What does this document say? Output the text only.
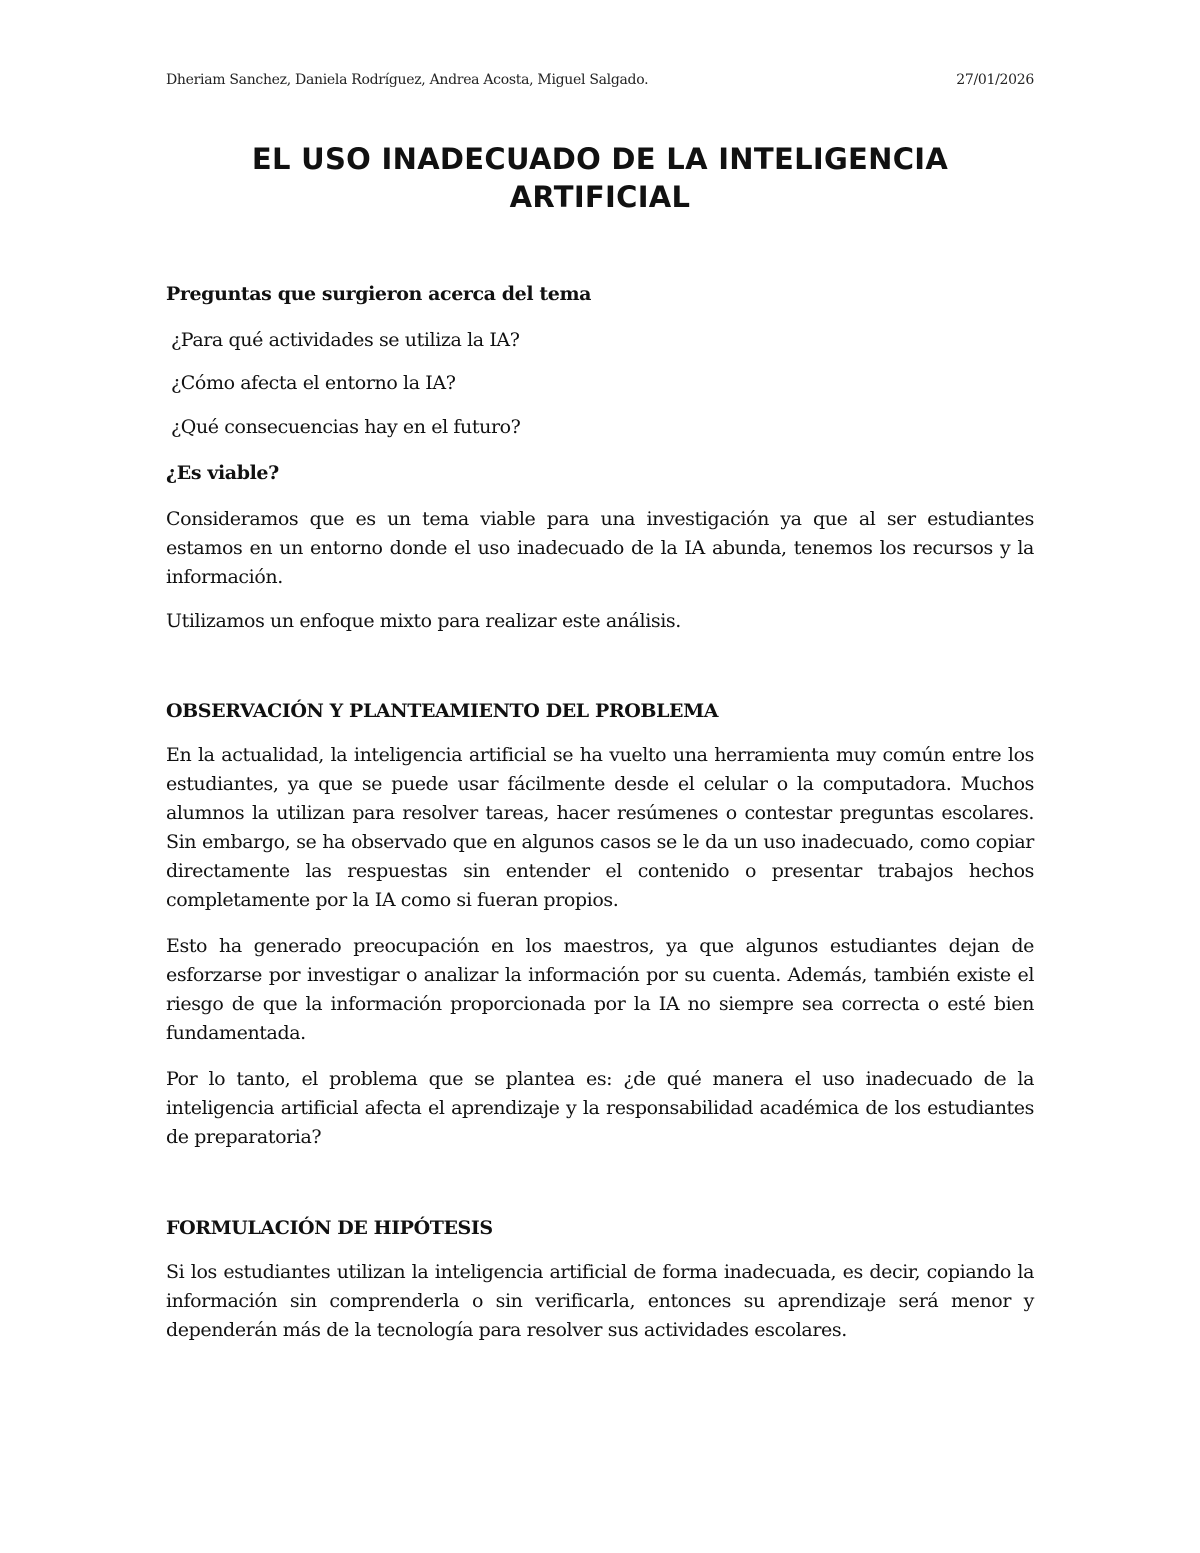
Dheriam Sanchez, Daniela Rodríguez, Andrea Acosta, Miguel Salgado.	27/01/2026
EL USO INADECUADO DE LA INTELIGENCIA
ARTIFICIAL

Preguntas que surgieron acerca del tema

¿Para qué actividades se utiliza la IA?

¿Cómo afecta el entorno la IA?

¿Qué consecuencias hay en el futuro?

¿Es viable?

Consideramos que es un tema viable para una investigación ya que al ser estudiantes estamos en un entorno donde el uso inadecuado de la IA abunda, tenemos los recursos y la información.

Utilizamos un enfoque mixto para realizar este análisis.

OBSERVACIÓN Y PLANTEAMIENTO DEL PROBLEMA

En la actualidad, la inteligencia artificial se ha vuelto una herramienta muy común entre los estudiantes, ya que se puede usar fácilmente desde el celular o la computadora. Muchos alumnos la utilizan para resolver tareas, hacer resúmenes o contestar preguntas escolares. Sin embargo, se ha observado que en algunos casos se le da un uso inadecuado, como copiar directamente las respuestas sin entender el contenido o presentar trabajos hechos completamente por la IA como si fueran propios.

Esto ha generado preocupación en los maestros, ya que algunos estudiantes dejan de esforzarse por investigar o analizar la información por su cuenta. Además, también existe el riesgo de que la información proporcionada por la IA no siempre sea correcta o esté bien fundamentada.

Por lo tanto, el problema que se plantea es: ¿de qué manera el uso inadecuado de la inteligencia artificial afecta el aprendizaje y la responsabilidad académica de los estudiantes de preparatoria?

FORMULACIÓN DE HIPÓTESIS

Si los estudiantes utilizan la inteligencia artificial de forma inadecuada, es decir, copiando la información sin comprenderla o sin verificarla, entonces su aprendizaje será menor y dependerán más de la tecnología para resolver sus actividades escolares.
